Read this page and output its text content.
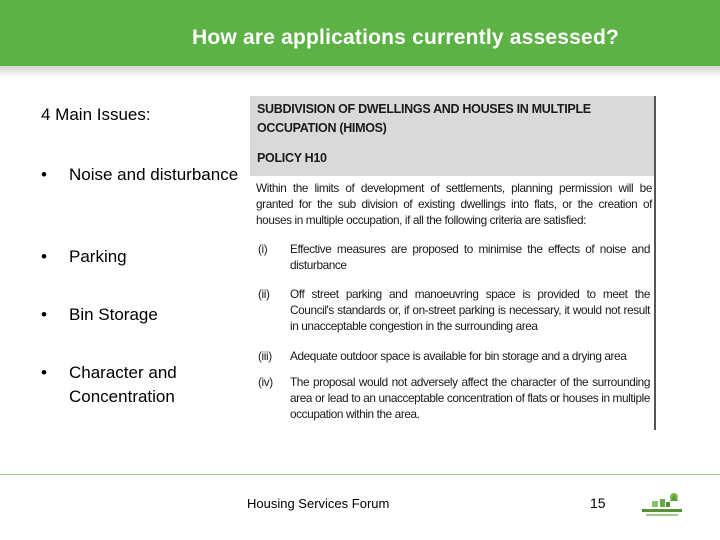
How are applications currently assessed?
4 Main Issues:
• Noise and disturbance
• Parking
• Bin Storage
• Character and Concentration
SUBDIVISION OF DWELLINGS AND HOUSES IN MULTIPLE
OCCUPATION (HIMOS)
POLICY H10
Within the limits of development of settlements, planning permission will be granted for the sub division of existing dwellings into flats, or the creation of houses in multiple occupation, if all the following criteria are satisfied:
(i) Effective measures are proposed to minimise the effects of noise and disturbance
(ii) Off street parking and manoeuvring space is provided to meet the Council's standards or, if on-street parking is necessary, it would not result in unacceptable congestion in the surrounding area
(iii) Adequate outdoor space is available for bin storage and a drying area
(iv) The proposal would not adversely affect the character of the surrounding area or lead to an unacceptable concentration of flats or houses in multiple occupation within the area.
Housing Services Forum	15
